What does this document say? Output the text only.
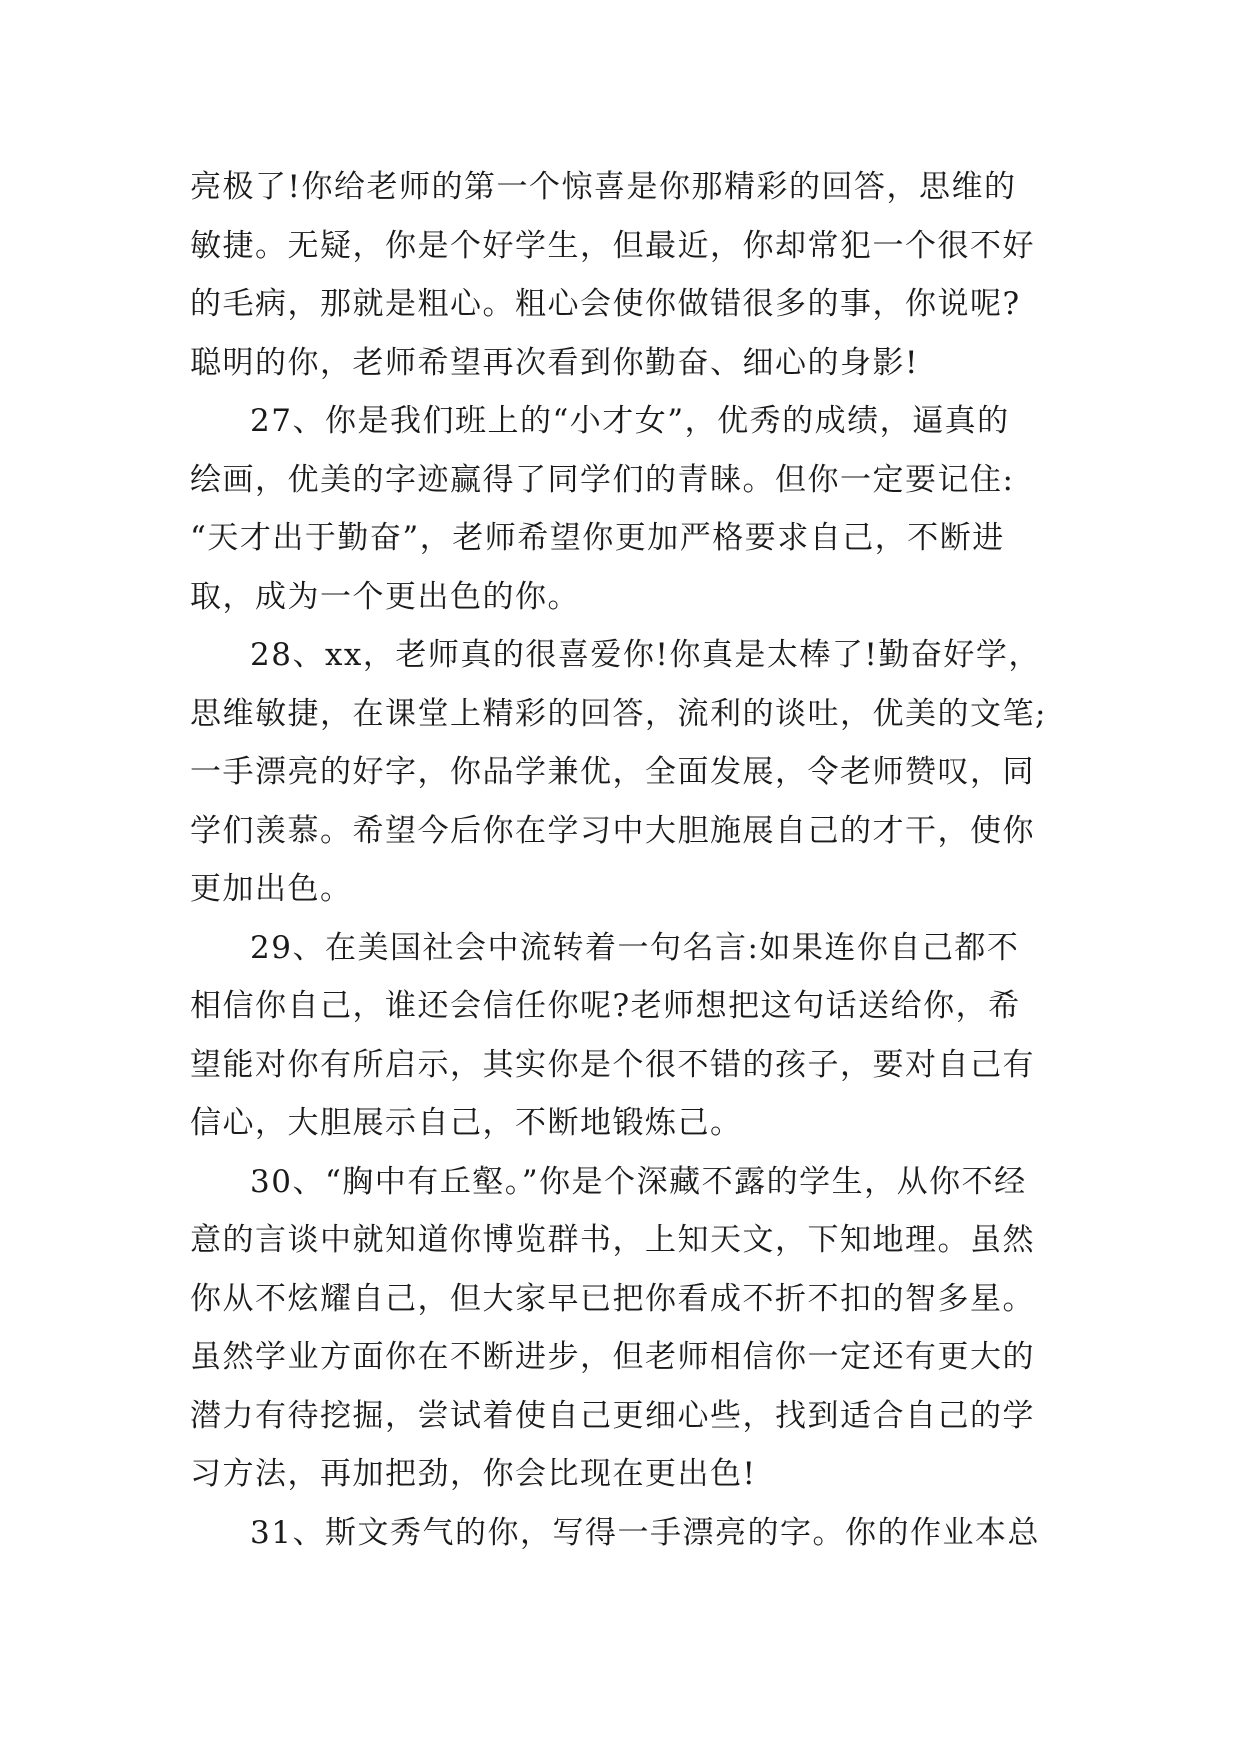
亮极了!你给老师的第一个惊喜是你那精彩的回答，思维的
敏捷。无疑，你是个好学生，但最近，你却常犯一个很不好
的毛病，那就是粗心。粗心会使你做错很多的事，你说呢?
聪明的你，老师希望再次看到你勤奋、细心的身影!
27、你是我们班上的“小才女”，优秀的成绩，逼真的
绘画，优美的字迹赢得了同学们的青睐。但你一定要记住:
“天才出于勤奋”，老师希望你更加严格要求自己，不断进
取，成为一个更出色的你。
28、xx，老师真的很喜爱你!你真是太棒了!勤奋好学，
思维敏捷，在课堂上精彩的回答，流利的谈吐，优美的文笔;
一手漂亮的好字，你品学兼优，全面发展，令老师赞叹，同
学们羡慕。希望今后你在学习中大胆施展自己的才干，使你
更加出色。
29、在美国社会中流转着一句名言:如果连你自己都不
相信你自己，谁还会信任你呢?老师想把这句话送给你，希
望能对你有所启示，其实你是个很不错的孩子，要对自己有
信心，大胆展示自己，不断地锻炼己。
30、“胸中有丘壑。”你是个深藏不露的学生，从你不经
意的言谈中就知道你博览群书，上知天文，下知地理。虽然
你从不炫耀自己，但大家早已把你看成不折不扣的智多星。
虽然学业方面你在不断进步，但老师相信你一定还有更大的
潜力有待挖掘，尝试着使自己更细心些，找到适合自己的学
习方法，再加把劲，你会比现在更出色!
31、斯文秀气的你，写得一手漂亮的字。你的作业本总
